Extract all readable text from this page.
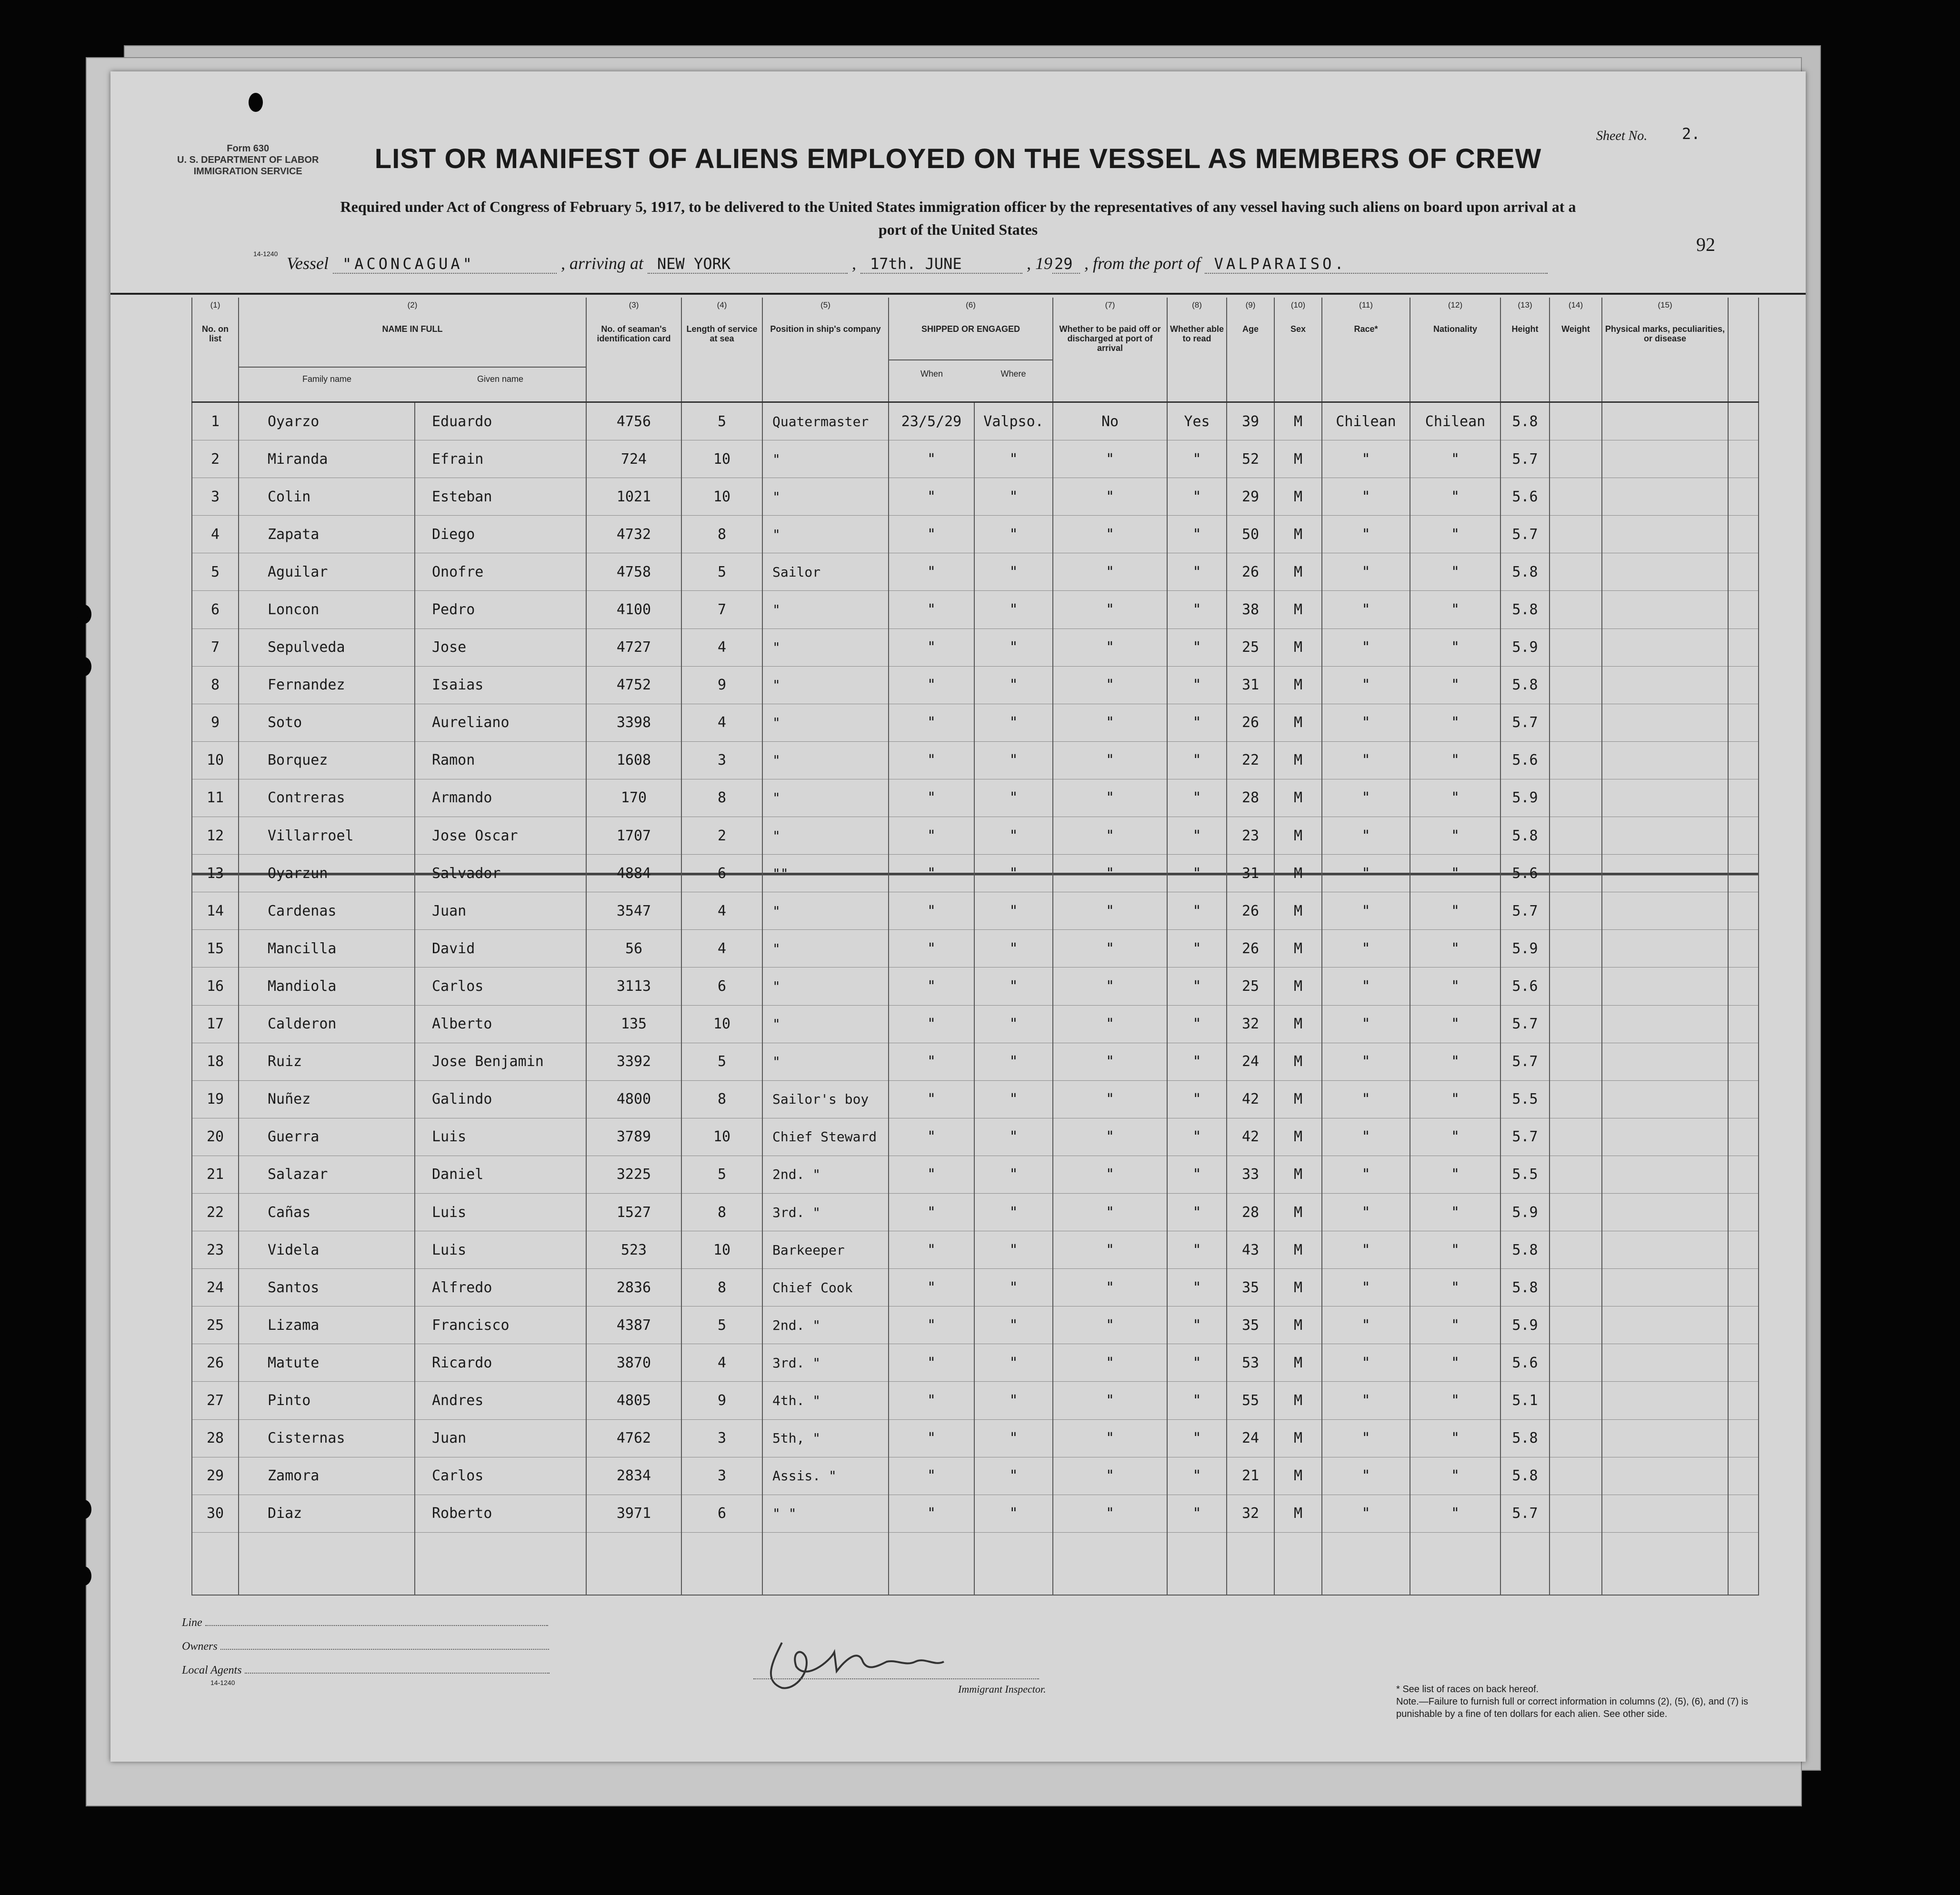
Form 630
U. S. DEPARTMENT OF LABOR
IMMIGRATION SERVICE
14-1240
Sheet No. 2.
LIST OR MANIFEST OF ALIENS EMPLOYED ON THE VESSEL AS MEMBERS OF CREW
Required under Act of Congress of February 5, 1917, to be delivered to the United States immigration officer by the representatives of any vessel having such aliens on board upon arrival at a
port of the United States
92
Vessel "ACONCAGUA"	, arriving at NEW YORK	, 17th. JUNE	, 19 29 , from the port of VALPARAISO.
(1)
No. on list	(2)
NAME IN FULL
Family name Given name		(3)
No. of seaman's identification card	(4)
Length of service at sea	(5)
Position in ship's company	(6)
SHIPPED OR ENGAGED
When Where		(7)
Whether to be paid off or discharged at port of arrival	(8)
Whether able to read	(9)
Age	(10)
Sex	(11)
Race*	(12)
Nationality	(13)
Height	(14)
Weight	(15)
Physical marks, peculiarities, or disease	
1	Oyarzo	Eduardo	4756	5	Quatermaster	23/5/29	Valpso.	No	Yes	39	M	Chilean	Chilean	5.8			
2	Miranda	Efrain	724	10	"	"	"	"	"	52	M	"	"	5.7			
3	Colin	Esteban	1021	10	"	"	"	"	"	29	M	"	"	5.6			
4	Zapata	Diego	4732	8	"	"	"	"	"	50	M	"	"	5.7			
5	Aguilar	Onofre	4758	5	Sailor	"	"	"	"	26	M	"	"	5.8			
6	Loncon	Pedro	4100	7	"	"	"	"	"	38	M	"	"	5.8			
7	Sepulveda	Jose	4727	4	"	"	"	"	"	25	M	"	"	5.9			
8	Fernandez	Isaias	4752	9	"	"	"	"	"	31	M	"	"	5.8			
9	Soto	Aureliano	3398	4	"	"	"	"	"	26	M	"	"	5.7			
10	Borquez	Ramon	1608	3	"	"	"	"	"	22	M	"	"	5.6			
11	Contreras	Armando	170	8	"	"	"	"	"	28	M	"	"	5.9			
12	Villarroel	Jose Oscar	1707	2	"	"	"	"	"	23	M	"	"	5.8			
13	Oyarzun	Salvador	4884	6	""	"	"	"	"	31	M	"	"	5.6			
14	Cardenas	Juan	3547	4	"	"	"	"	"	26	M	"	"	5.7			
15	Mancilla	David	56	4	"	"	"	"	"	26	M	"	"	5.9			
16	Mandiola	Carlos	3113	6	"	"	"	"	"	25	M	"	"	5.6			
17	Calderon	Alberto	135	10	"	"	"	"	"	32	M	"	"	5.7			
18	Ruiz	Jose Benjamin	3392	5	"	"	"	"	"	24	M	"	"	5.7			
19	Nuñez	Galindo	4800	8	Sailor's boy	"	"	"	"	42	M	"	"	5.5			
20	Guerra	Luis	3789	10	Chief Steward	"	"	"	"	42	M	"	"	5.7			
21	Salazar	Daniel	3225	5	2nd. "	"	"	"	"	33	M	"	"	5.5			
22	Cañas	Luis	1527	8	3rd. "	"	"	"	"	28	M	"	"	5.9			
23	Videla	Luis	523	10	Barkeeper	"	"	"	"	43	M	"	"	5.8			
24	Santos	Alfredo	2836	8	Chief Cook	"	"	"	"	35	M	"	"	5.8			
25	Lizama	Francisco	4387	5	2nd. "	"	"	"	"	35	M	"	"	5.9			
26	Matute	Ricardo	3870	4	3rd. "	"	"	"	"	53	M	"	"	5.6			
27	Pinto	Andres	4805	9	4th. "	"	"	"	"	55	M	"	"	5.1			
28	Cisternas	Juan	4762	3	5th, "	"	"	"	"	24	M	"	"	5.8			
29	Zamora	Carlos	2834	3	Assis. "	"	"	"	"	21	M	"	"	5.8			
30	Diaz	Roberto	3971	6	" "	"	"	"	"	32	M	"	"	5.7			

Line
Owners
Local Agents
14-1240
Immigrant Inspector.	* See list of races on back hereof.
Note.—Failure to furnish full or correct information in columns (2), (5), (6), and (7) is punishable by a fine of ten dollars for each alien. See other side.
